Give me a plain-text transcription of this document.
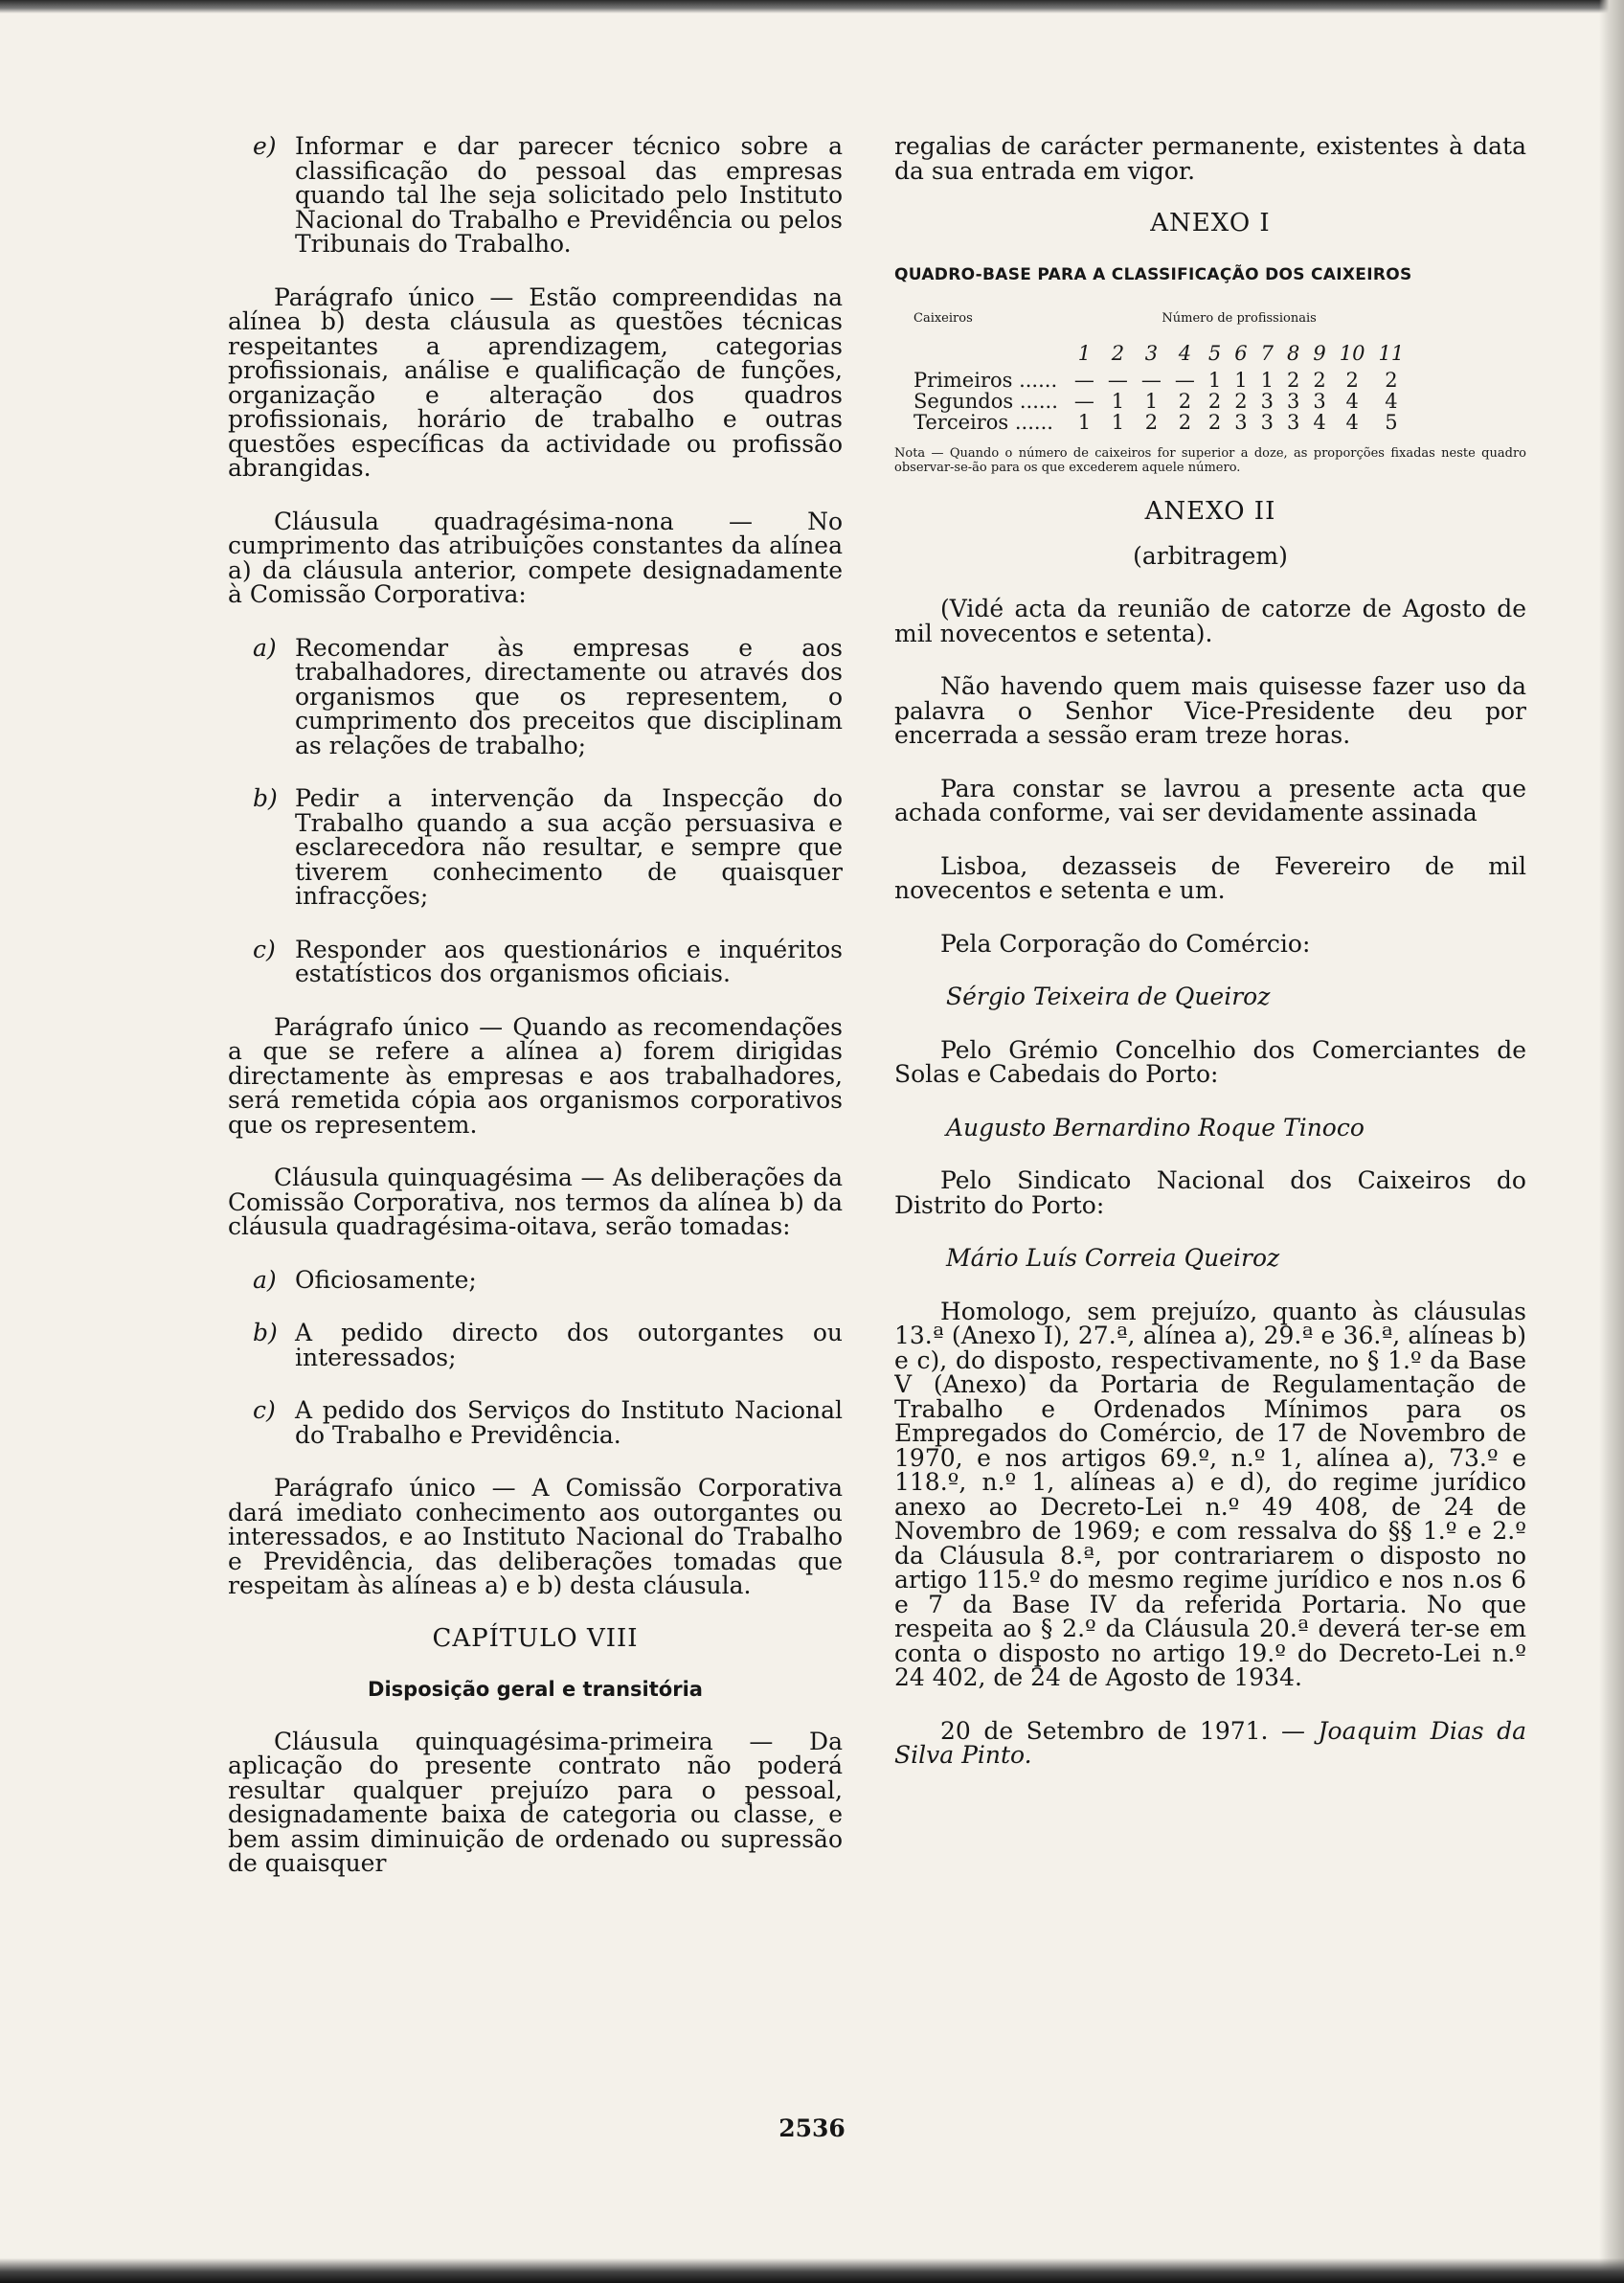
e) Informar e dar parecer técnico sobre a classificação do pessoal das empresas quando tal lhe seja solicitado pelo Instituto Nacional do Trabalho e Previdência ou pelos Tribunais do Trabalho.

Parágrafo único — Estão compreendidas na alínea b) desta cláusula as questões técnicas respeitantes a aprendizagem, categorias profissionais, análise e qualificação de funções, organização e alteração dos quadros profissionais, horário de trabalho e outras questões específicas da actividade ou profissão abrangidas.

Cláusula quadragésima-nona — No cumprimento das atribuições constantes da alínea a) da cláusula anterior, compete designadamente à Comissão Corporativa:

a) Recomendar às empresas e aos trabalhadores, directamente ou através dos organismos que os representem, o cumprimento dos preceitos que disciplinam as relações de trabalho;
b) Pedir a intervenção da Inspecção do Trabalho quando a sua acção persuasiva e esclarecedora não resultar, e sempre que tiverem conhecimento de quaisquer infracções;
c) Responder aos questionários e inquéritos estatísticos dos organismos oficiais.

Parágrafo único — Quando as recomendações a que se refere a alínea a) forem dirigidas directamente às empresas e aos trabalhadores, será remetida cópia aos organismos corporativos que os representem.

Cláusula quinquagésima — As deliberações da Comissão Corporativa, nos termos da alínea b) da cláusula quadragésima-oitava, serão tomadas:

a) Oficiosamente;
b) A pedido directo dos outorgantes ou interessados;
c) A pedido dos Serviços do Instituto Nacional do Trabalho e Previdência.

Parágrafo único — A Comissão Corporativa dará imediato conhecimento aos outorgantes ou interessados, e ao Instituto Nacional do Trabalho e Previdência, das deliberações tomadas que respeitam às alíneas a) e b) desta cláusula.

CAPÍTULO VIII
Disposição geral e transitória

Cláusula quinquagésima-primeira — Da aplicação do presente contrato não poderá resultar qualquer prejuízo para o pessoal, designadamente baixa de categoria ou classe, e bem assim diminuição de ordenado ou supressão de quaisquer

regalias de carácter permanente, existentes à data da sua entrada em vigor.

ANEXO I
QUADRO-BASE PARA A CLASSIFICAÇÃO DOS CAIXEIROS
Caixeiros	Número de profissionais										
	1	2	3	4	5	6	7	8	9	10	11
Primeiros ......	—	—	—	—	1	1	1	2	2	2	2
Segundos ......	—	1	1	2	2	2	3	3	3	4	4
Terceiros ......	1	1	2	2	2	3	3	3	4	4	5

Nota — Quando o número de caixeiros for superior a doze, as proporções fixadas neste quadro observar-se-ão para os que excederem aquele número.

ANEXO II
(arbitragem)

(Vidé acta da reunião de catorze de Agosto de mil novecentos e setenta).

Não havendo quem mais quisesse fazer uso da palavra o Senhor Vice-Presidente deu por encerrada a sessão eram treze horas.

Para constar se lavrou a presente acta que achada conforme, vai ser devidamente assinada

Lisboa, dezasseis de Fevereiro de mil novecentos e setenta e um.

Pela Corporação do Comércio:

Sérgio Teixeira de Queiroz

Pelo Grémio Concelhio dos Comerciantes de Solas e Cabedais do Porto:

Augusto Bernardino Roque Tinoco

Pelo Sindicato Nacional dos Caixeiros do Distrito do Porto:

Mário Luís Correia Queiroz

Homologo, sem prejuízo, quanto às cláusulas 13.ª (Anexo I), 27.ª, alínea a), 29.ª e 36.ª, alíneas b) e c), do disposto, respectivamente, no § 1.º da Base V (Anexo) da Portaria de Regulamentação de Trabalho e Ordenados Mínimos para os Empregados do Comércio, de 17 de Novembro de 1970, e nos artigos 69.º, n.º 1, alínea a), 73.º e 118.º, n.º 1, alíneas a) e d), do regime jurídico anexo ao Decreto-Lei n.º 49 408, de 24 de Novembro de 1969; e com ressalva do §§ 1.º e 2.º da Cláusula 8.ª, por contrariarem o disposto no artigo 115.º do mesmo regime jurídico e nos n.os 6 e 7 da Base IV da referida Portaria. No que respeita ao § 2.º da Cláusula 20.ª deverá ter-se em conta o disposto no artigo 19.º do Decreto-Lei n.º 24 402, de 24 de Agosto de 1934.

20 de Setembro de 1971. — Joaquim Dias da Silva Pinto.

2536
